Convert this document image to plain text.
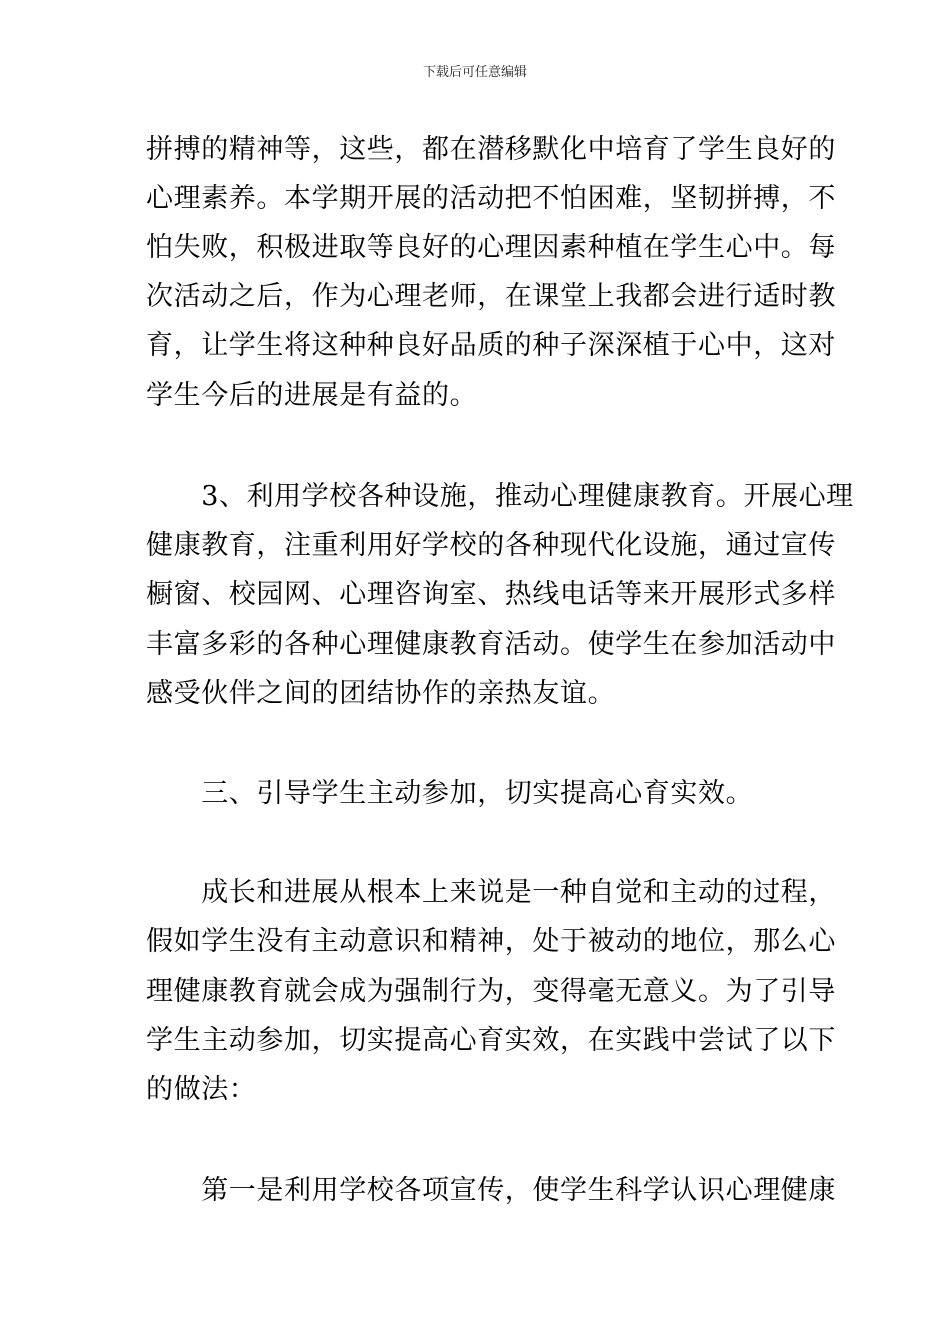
下载后可任意编辑
拼搏的精神等，这些，都在潜移默化中培育了学生良好的
心理素养。本学期开展的活动把不怕困难，坚韧拼搏，不
怕失败，积极进取等良好的心理因素种植在学生心中。每
次活动之后，作为心理老师，在课堂上我都会进行适时教
育，让学生将这种种良好品质的种子深深植于心中，这对
学生今后的进展是有益的。
　　3、利用学校各种设施，推动心理健康教育。开展心理
健康教育，注重利用好学校的各种现代化设施，通过宣传
橱窗、校园网、心理咨询室、热线电话等来开展形式多样
丰富多彩的各种心理健康教育活动。使学生在参加活动中
感受伙伴之间的团结协作的亲热友谊。
　　三、引导学生主动参加，切实提高心育实效。
　　成长和进展从根本上来说是一种自觉和主动的过程，
假如学生没有主动意识和精神，处于被动的地位，那么心
理健康教育就会成为强制行为，变得毫无意义。为了引导
学生主动参加，切实提高心育实效，在实践中尝试了以下
的做法：
　　第一是利用学校各项宣传，使学生科学认识心理健康
